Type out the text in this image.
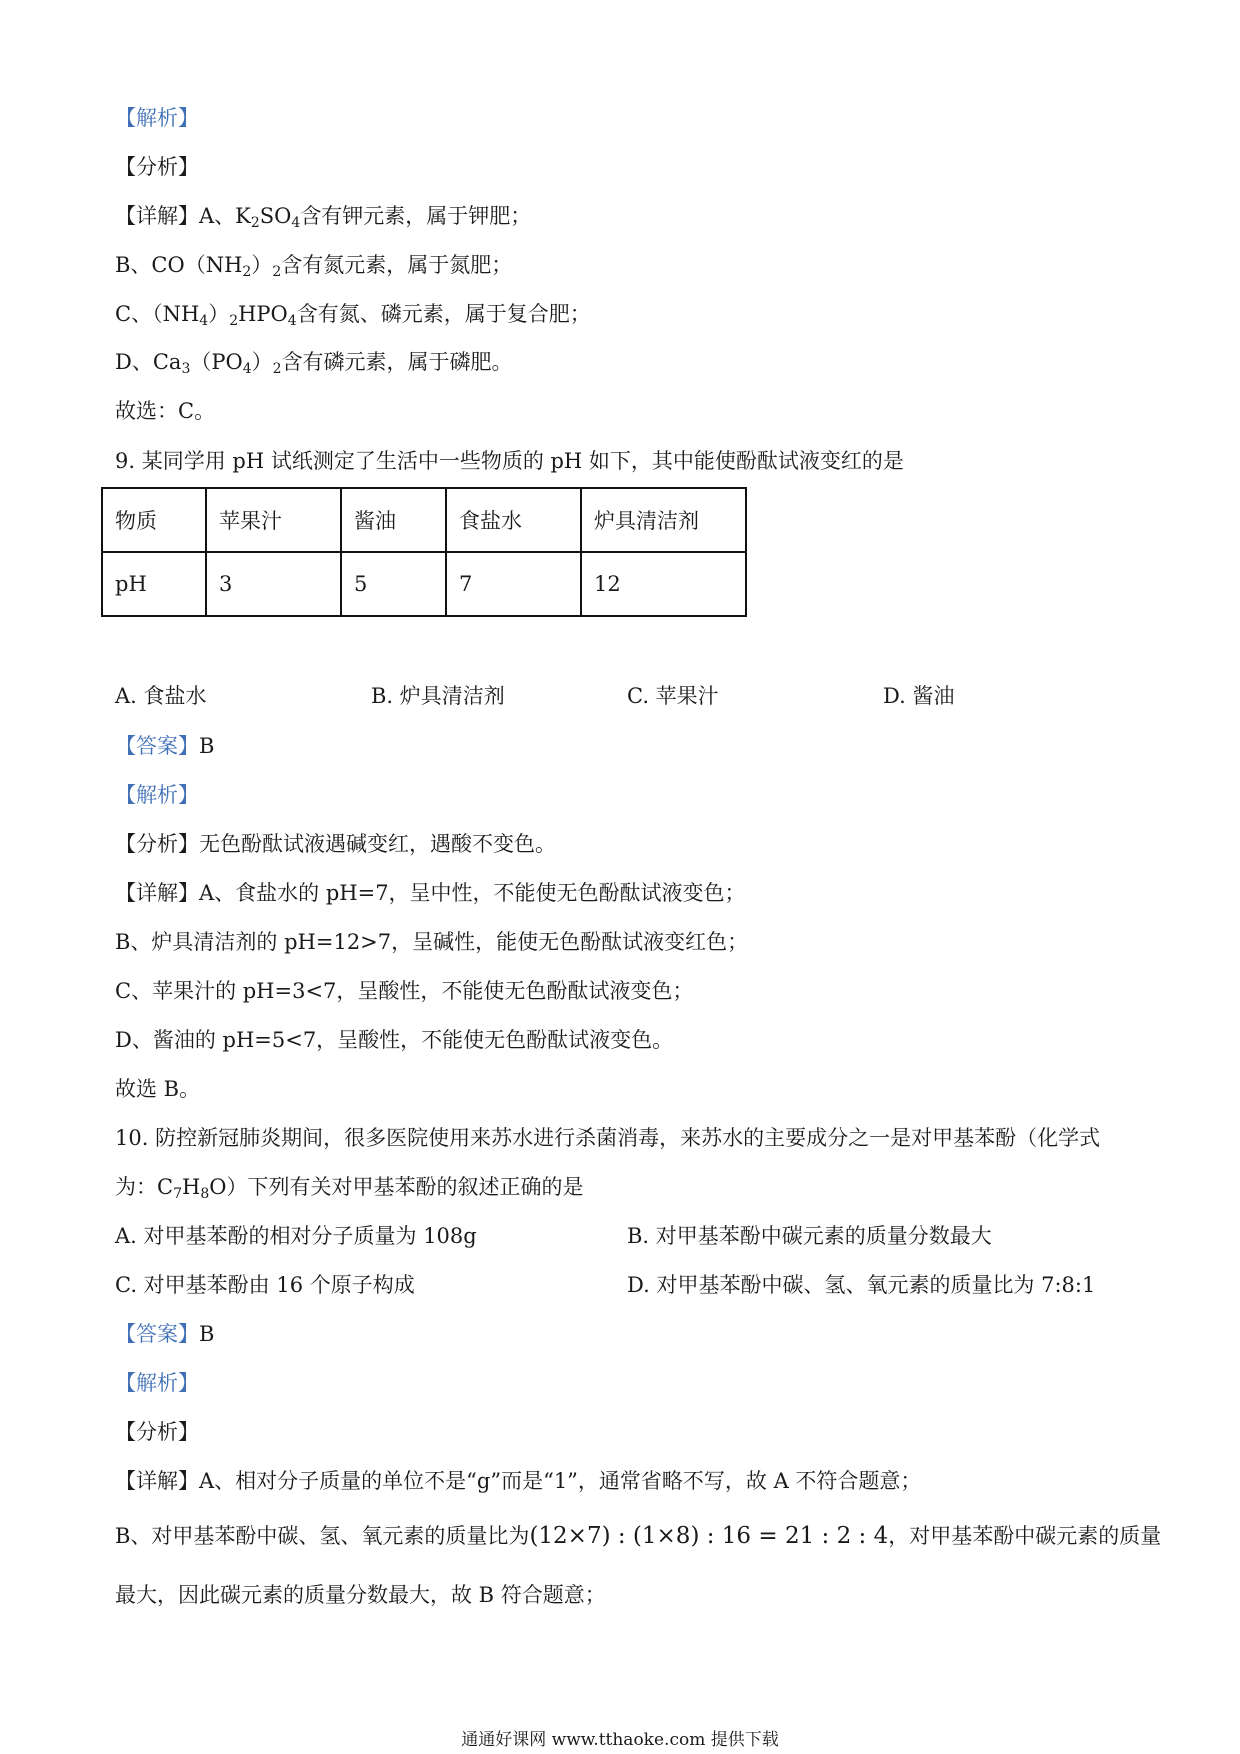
【解析】
【分析】
【详解】A、$K_2SO_4$含有钾元素，属于钾肥；
B、$CO(NH_2)_2$含有氮元素，属于氮肥；
C、$(NH_4)_2HPO_4$含有氮、磷元素，属于复合肥；
D、$Ca_3(PO_4)_2$含有磷元素，属于磷肥。
故选：C。
9. 某同学用 pH 试纸测定了生活中一些物质的 pH 如下，其中能使酚酞试液变红的是
物质	苹果汁	酱油	食盐水	炉具清洁剂
pH	3	5	7	12
A. 食盐水	B. 炉具清洁剂	C. 苹果汁	D. 酱油
【答案】B
【解析】
【分析】无色酚酞试液遇碱变红，遇酸不变色。
【详解】A、食盐水的 pH=7，呈中性，不能使无色酚酞试液变色；
B、炉具清洁剂的 pH=12>7，呈碱性，能使无色酚酞试液变红色；
C、苹果汁的 pH=3<7，呈酸性，不能使无色酚酞试液变色；
D、酱油的 pH=5<7，呈酸性，不能使无色酚酞试液变色。
故选 B。
10. 防控新冠肺炎期间，很多医院使用来苏水进行杀菌消毒，来苏水的主要成分之一是对甲基苯酚（化学式
为：$C_7H_8O$）下列有关对甲基苯酚的叙述正确的是
A. 对甲基苯酚的相对分子质量为 108g	B. 对甲基苯酚中碳元素的质量分数最大
C. 对甲基苯酚由 16 个原子构成	D. 对甲基苯酚中碳、氢、氧元素的质量比为 7:8:1
【答案】B
【解析】
【分析】
【详解】A、相对分子质量的单位不是“g”而是“1”，通常省略不写，故 A 不符合题意；
B、对甲基苯酚中碳、氢、氧元素的质量比为(12×7) : (1×8) : 16 = 21 : 2 : 4，对甲基苯酚中碳元素的质量
最大，因此碳元素的质量分数最大，故 B 符合题意；
通通好课网 www.tthaoke.com 提供下载
